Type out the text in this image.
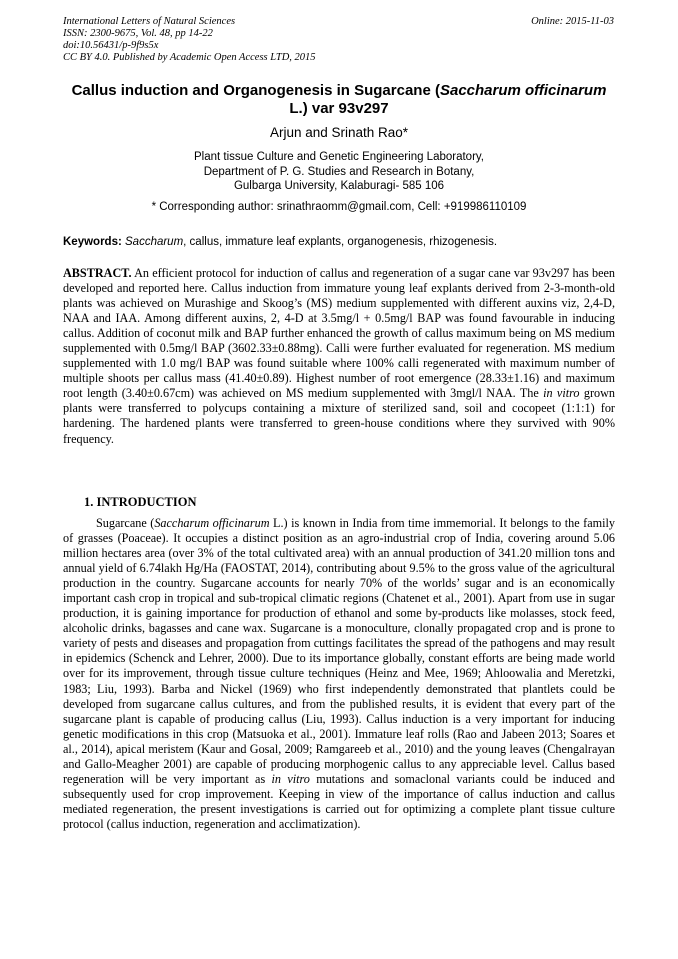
International Letters of Natural Sciences
ISSN: 2300-9675, Vol. 48, pp 14-22
doi:10.56431/p-9f9s5x
CC BY 4.0. Published by Academic Open Access LTD, 2015
Online: 2015-11-03
Callus induction and Organogenesis in Sugarcane (Saccharum officinarum L.) var 93v297
Arjun and Srinath Rao*
Plant tissue Culture and Genetic Engineering Laboratory,
Department of P. G. Studies and Research in Botany,
Gulbarga University, Kalaburagi- 585 106
* Corresponding author: srinathraomm@gmail.com, Cell: +919986110109
Keywords: Saccharum, callus, immature leaf explants, organogenesis, rhizogenesis.
ABSTRACT. An efficient protocol for induction of callus and regeneration of a sugar cane var 93v297 has been developed and reported here. Callus induction from immature young leaf explants derived from 2-3-month-old plants was achieved on Murashige and Skoog’s (MS) medium supplemented with different auxins viz, 2,4-D, NAA and IAA. Among different auxins, 2, 4-D at 3.5mg/l + 0.5mg/l BAP was found favourable in inducing callus. Addition of coconut milk and BAP further enhanced the growth of callus maximum being on MS medium supplemented with 0.5mg/l BAP (3602.33±0.88mg). Calli were further evaluated for regeneration. MS medium supplemented with 1.0 mg/l BAP was found suitable where 100% calli regenerated with maximum number of multiple shoots per callus mass (41.40±0.89). Highest number of root emergence (28.33±1.16) and maximum root length (3.40±0.67cm) was achieved on MS medium supplemented with 3mgl/l NAA. The in vitro grown plants were transferred to polycups containing a mixture of sterilized sand, soil and cocopeet (1:1:1) for hardening. The hardened plants were transferred to green-house conditions where they survived with 90% frequency.
1. INTRODUCTION
Sugarcane (Saccharum officinarum L.) is known in India from time immemorial. It belongs to the family of grasses (Poaceae). It occupies a distinct position as an agro-industrial crop of India, covering around 5.06 million hectares area (over 3% of the total cultivated area) with an annual production of 341.20 million tons and annual yield of 6.74lakh Hg/Ha (FAOSTAT, 2014), contributing about 9.5% to the gross value of the agricultural production in the country. Sugarcane accounts for nearly 70% of the worlds’ sugar and is an economically important cash crop in tropical and sub-tropical climatic regions (Chatenet et al., 2001). Apart from use in sugar production, it is gaining importance for production of ethanol and some by-products like molasses, stock feed, alcoholic drinks, bagasses and cane wax. Sugarcane is a monoculture, clonally propagated crop and is prone to variety of pests and diseases and propagation from cuttings facilitates the spread of the pathogens and may result in epidemics (Schenck and Lehrer, 2000). Due to its importance globally, constant efforts are being made world over for its improvement, through tissue culture techniques (Heinz and Mee, 1969; Ahloowalia and Meretzki, 1983; Liu, 1993). Barba and Nickel (1969) who first independently demonstrated that plantlets could be developed from sugarcane callus cultures, and from the published results, it is evident that every part of the sugarcane plant is capable of producing callus (Liu, 1993). Callus induction is a very important for inducing genetic modifications in this crop (Matsuoka et al., 2001). Immature leaf rolls (Rao and Jabeen 2013; Soares et al., 2014), apical meristem (Kaur and Gosal, 2009; Ramgareeb et al., 2010) and the young leaves (Chengalrayan and Gallo-Meagher 2001) are capable of producing morphogenic callus to any appreciable level. Callus based regeneration will be very important as in vitro mutations and somaclonal variants could be induced and subsequently used for crop improvement. Keeping in view of the importance of callus induction and callus mediated regeneration, the present investigations is carried out for optimizing a complete plant tissue culture protocol (callus induction, regeneration and acclimatization).
